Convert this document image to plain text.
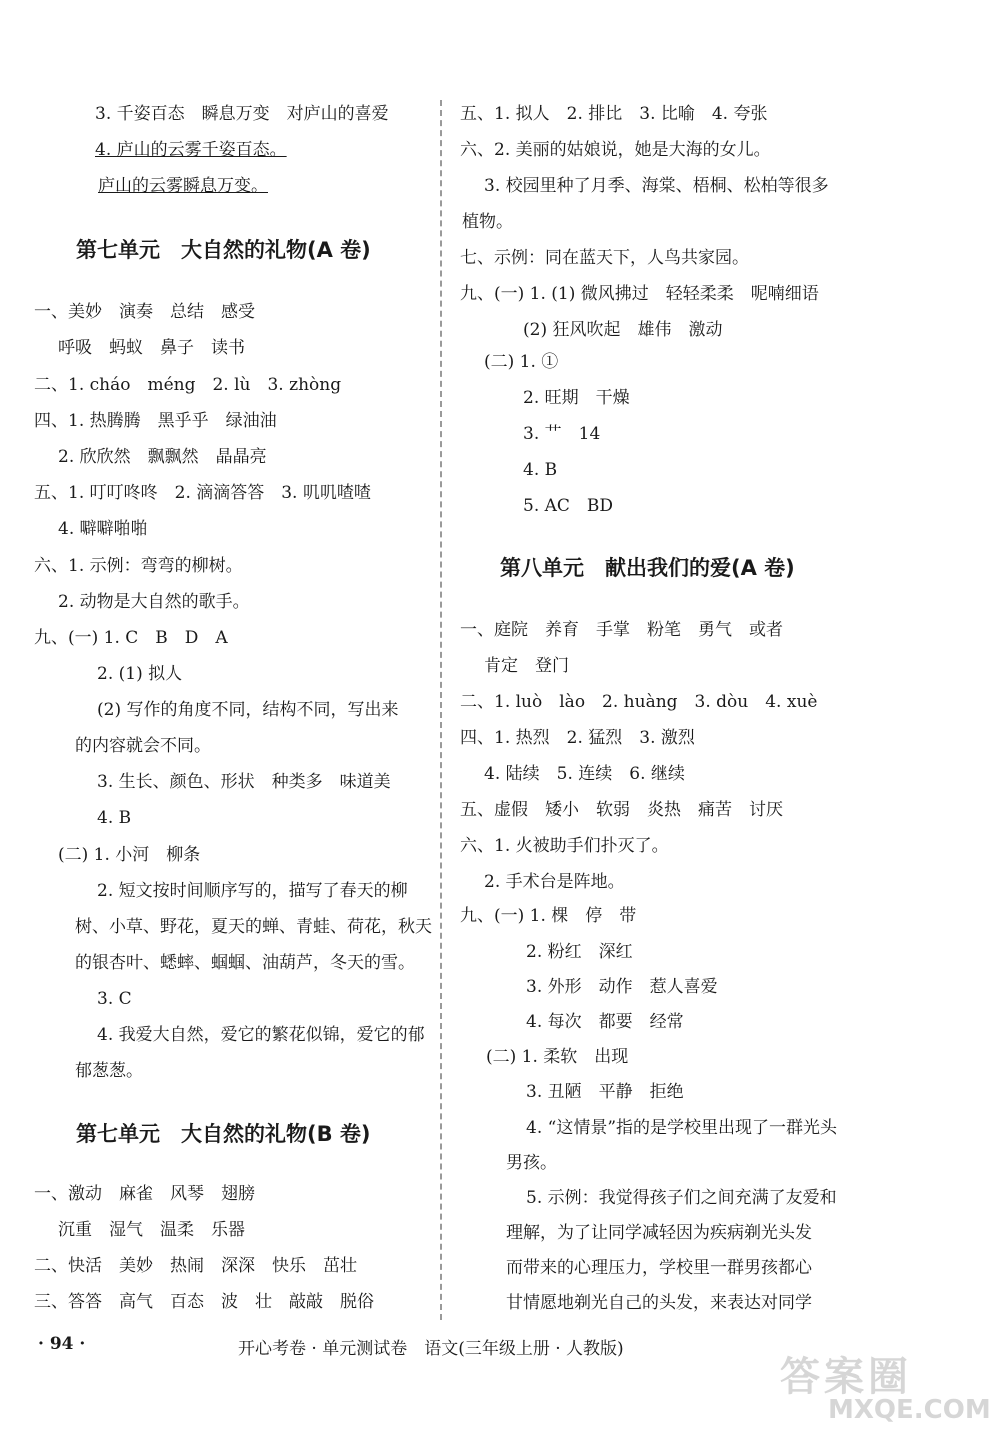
3. 千姿百态　瞬息万变　对庐山的喜爱
4. 庐山的云雾千姿百态。
庐山的云雾瞬息万变。
第七单元　大自然的礼物(A 卷)
一、美妙　演奏　总结　感受
呼吸　蚂蚁　鼻子　读书
二、1. cháo　méng　2. lù　3. zhòng
四、1. 热腾腾　黑乎乎　绿油油
2. 欣欣然　飘飘然　晶晶亮
五、1. 叮叮咚咚　2. 滴滴答答　3. 叽叽喳喳
4. 噼噼啪啪
六、1. 示例：弯弯的柳树。
2. 动物是大自然的歌手。
九、(一) 1. C　B　D　A
2. (1) 拟人
(2) 写作的角度不同，结构不同，写出来
的内容就会不同。
3. 生长、颜色、形状　种类多　味道美
4. B
(二) 1. 小河　柳条
2. 短文按时间顺序写的，描写了春天的柳
树、小草、野花，夏天的蝉、青蛙、荷花，秋天
的银杏叶、蟋蟀、蝈蝈、油葫芦，冬天的雪。
3. C
4. 我爱大自然，爱它的繁花似锦，爱它的郁
郁葱葱。
第七单元　大自然的礼物(B 卷)
一、激动　麻雀　风琴　翅膀
沉重　湿气　温柔　乐器
二、快活　美妙　热闹　深深　快乐　茁壮
三、答答　高气　百态　波　壮　敲敲　脱俗
五、1. 拟人　2. 排比　3. 比喻　4. 夸张
六、2. 美丽的姑娘说，她是大海的女儿。
3. 校园里种了月季、海棠、梧桐、松柏等很多
植物。
七、示例：同在蓝天下，人鸟共家园。
九、(一) 1. (1) 微风拂过　轻轻柔柔　呢喃细语
(2) 狂风吹起　雄伟　激动
(二) 1. ①
2. 旺期　干燥
3. 艹　14
4. B
5. AC　BD
第八单元　献出我们的爱(A 卷)
一、庭院　养育　手掌　粉笔　勇气　或者
肯定　登门
二、1. luò　lào　2. huàng　3. dòu　4. xuè
四、1. 热烈　2. 猛烈　3. 激烈
4. 陆续　5. 连续　6. 继续
五、虚假　矮小　软弱　炎热　痛苦　讨厌
六、1. 火被助手们扑灭了。
2. 手术台是阵地。
九、(一) 1. 棵　停　带
2. 粉红　深红
3. 外形　动作　惹人喜爱
4. 每次　都要　经常
(二) 1. 柔软　出现
3. 丑陋　平静　拒绝
4. “这情景”指的是学校里出现了一群光头
男孩。
5. 示例：我觉得孩子们之间充满了友爱和
理解，为了让同学减轻因为疾病剃光头发
而带来的心理压力，学校里一群男孩都心
甘情愿地剃光自己的头发，来表达对同学
· 94 ·	开心考卷 · 单元测试卷　语文(三年级上册 · 人教版)
答案圈
MXQE.COM
